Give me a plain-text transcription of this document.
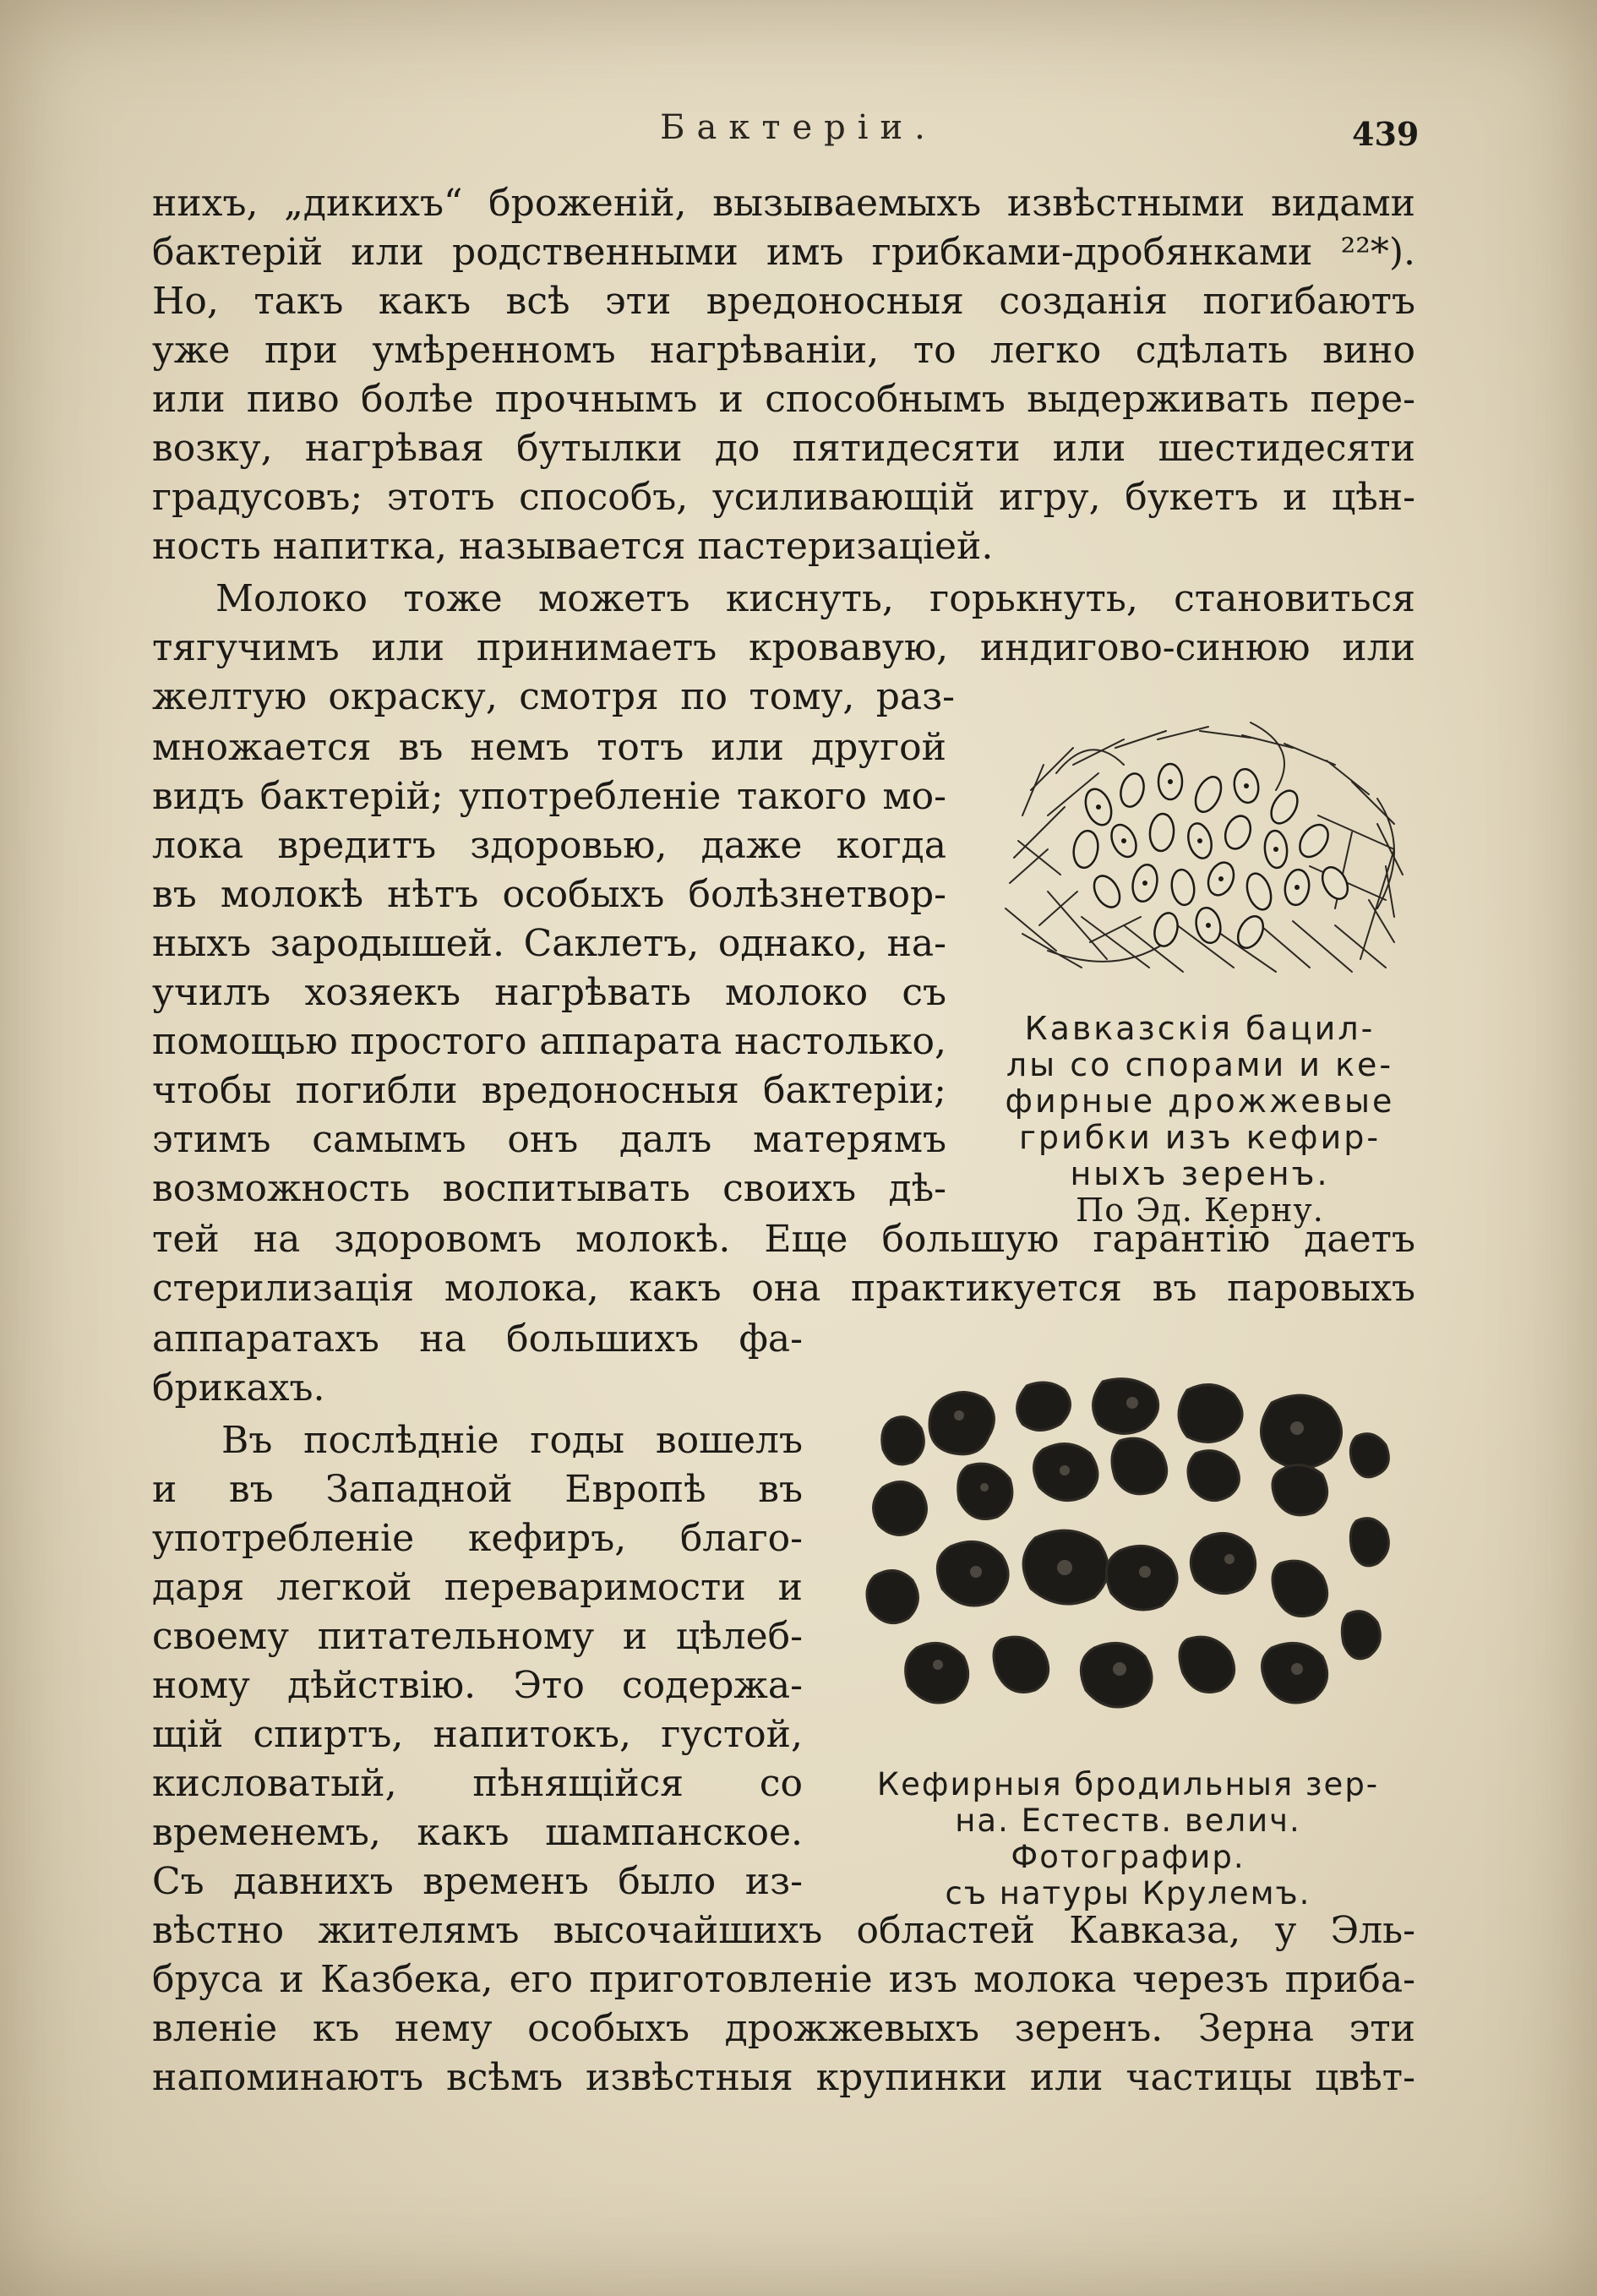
Бактеріи.	439
нихъ, „дикихъ“ броженій, вызываемыхъ извѣстными видами
бактерій или родственными имъ грибками-дробянками ²²*).
Но, такъ какъ всѣ эти вредоносныя созданія погибаютъ
уже при умѣренномъ нагрѣваніи, то легко сдѣлать вино
или пиво болѣе прочнымъ и способнымъ выдерживать пере-
возку, нагрѣвая бутылки до пятидесяти или шестидесяти
градусовъ; этотъ способъ, усиливающій игру, букетъ и цѣн-
ность напитка, называется пастеризаціей.
Молоко тоже можетъ киснуть, горькнуть, становиться
тягучимъ или принимаетъ кровавую, индигово-синюю или
желтую окраску, смотря по тому, раз-
множается въ немъ тотъ или другой
видъ бактерій; употребленіе такого мо-
лока вредитъ здоровью, даже когда
въ молокѣ нѣтъ особыхъ болѣзнетвор-
ныхъ зародышей. Саклетъ, однако, на-
училъ хозяекъ нагрѣвать молоко съ
помощью простого аппарата настолько,
чтобы погибли вредоносныя бактеріи;
этимъ самымъ онъ далъ матерямъ
возможность воспитывать своихъ дѣ-
тей на здоровомъ молокѣ. Еще большую гарантію даетъ
стерилизація молока, какъ она практикуется въ паровыхъ
аппаратахъ на большихъ фа-
брикахъ.
Въ послѣдніе годы вошелъ
и въ Западной Европѣ въ
употребленіе кефиръ, благо-
даря легкой переваримости и
своему питательному и цѣлеб-
ному дѣйствію. Это содержа-
щій спиртъ, напитокъ, густой,
кисловатый, пѣнящійся со
временемъ, какъ шампанское.
Съ давнихъ временъ было из-
вѣстно жителямъ высочайшихъ областей Кавказа, у Эль-
бруса и Казбека, его приготовленіе изъ молока черезъ приба-
вленіе къ нему особыхъ дрожжевыхъ зеренъ. Зерна эти
напоминаютъ всѣмъ извѣстныя крупинки или частицы цвѣт-
Кавказскія бацил-
лы со спорами и ке-
фирные дрожжевые
грибки изъ кефир-
ныхъ зеренъ.
По Эд. Керну.
Кефирныя бродильныя зер-
на. Естеств. велич. Фотографир.
съ натуры Крулемъ.
